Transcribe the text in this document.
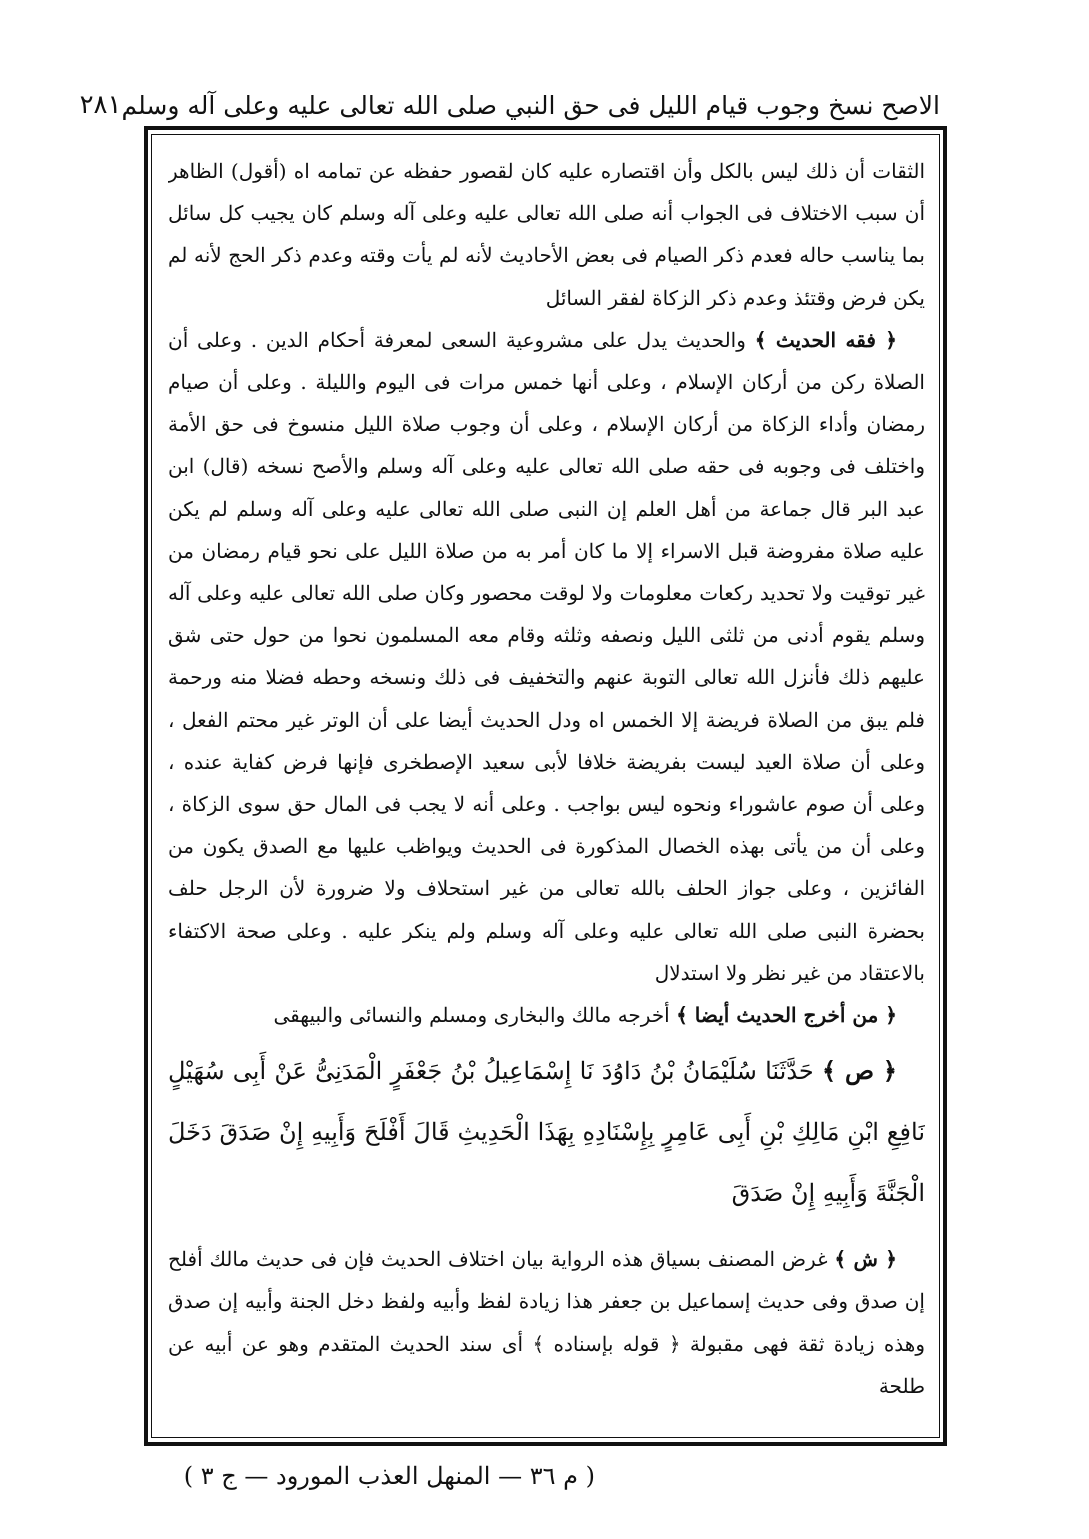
الاصح نسخ وجوب قيام الليل فى حق النبي صلى الله تعالى عليه وعلى آله وسلم
٢٨١

الثقات أن ذلك ليس بالكل وأن اقتصاره عليه كان لقصور حفظه عن تمامه اه (أقول) الظاهر أن سبب الاختلاف فى الجواب أنه صلى الله تعالى عليه وعلى آله وسلم كان يجيب كل سائل بما يناسب حاله فعدم ذكر الصيام فى بعض الأحاديث لأنه لم يأت وقته وعدم ذكر الحج لأنه لم يكن فرض وقتئذ وعدم ذكر الزكاة لفقر السائل

﴿ فقه الحديث ﴾ والحديث يدل على مشروعية السعى لمعرفة أحكام الدين . وعلى أن الصلاة ركن من أركان الإسلام ، وعلى أنها خمس مرات فى اليوم والليلة . وعلى أن صيام رمضان وأداء الزكاة من أركان الإسلام ، وعلى أن وجوب صلاة الليل منسوخ فى حق الأمة واختلف فى وجوبه فى حقه صلى الله تعالى عليه وعلى آله وسلم والأصح نسخه (قال) ابن عبد البر قال جماعة من أهل العلم إن النبى صلى الله تعالى عليه وعلى آله وسلم لم يكن عليه صلاة مفروضة قبل الاسراء إلا ما كان أمر به من صلاة الليل على نحو قيام رمضان من غير توقيت ولا تحديد ركعات معلومات ولا لوقت محصور وكان صلى الله تعالى عليه وعلى آله وسلم يقوم أدنى من ثلثى الليل ونصفه وثلثه وقام معه المسلمون نحوا من حول حتى شق عليهم ذلك فأنزل الله تعالى التوبة عنهم والتخفيف فى ذلك ونسخه وحطه فضلا منه ورحمة فلم يبق من الصلاة فريضة إلا الخمس اه ودل الحديث أيضا على أن الوتر غير محتم الفعل ، وعلى أن صلاة العيد ليست بفريضة خلافا لأبى سعيد الإصطخرى فإنها فرض كفاية عنده ، وعلى أن صوم عاشوراء ونحوه ليس بواجب . وعلى أنه لا يجب فى المال حق سوى الزكاة ، وعلى أن من يأتى بهذه الخصال المذكورة فى الحديث ويواظب عليها مع الصدق يكون من الفائزين ، وعلى جواز الحلف بالله تعالى من غير استحلاف ولا ضرورة لأن الرجل حلف بحضرة النبى صلى الله تعالى عليه وعلى آله وسلم ولم ينكر عليه . وعلى صحة الاكتفاء بالاعتقاد من غير نظر ولا استدلال

﴿ من أخرج الحديث أيضا ﴾ أخرجه مالك والبخارى ومسلم والنسائى والبيهقى

﴿ ص ﴾ حَدَّثَنَا سُلَيْمَانُ بْنُ دَاوُدَ نَا إِسْمَاعِيلُ بْنُ جَعْفَرٍ الْمَدَنِىُّ عَنْ أَبِى سُهَيْلٍ نَافِعِ ابْنِ مَالِكِ بْنِ أَبِى عَامِرٍ بِإِسْنَادِهِ بِهَذَا الْحَدِيثِ قَالَ أَفْلَحَ وَأَبِيهِ إِنْ صَدَقَ دَخَلَ الْجَنَّةَ وَأَبِيهِ إِنْ صَدَقَ

﴿ ش ﴾ غرض المصنف بسياق هذه الرواية بيان اختلاف الحديث فإن فى حديث مالك أفلح إن صدق وفى حديث إسماعيل بن جعفر هذا زيادة لفظ وأبيه ولفظ دخل الجنة وأبيه إن صدق وهذه زيادة ثقة فهى مقبولة ﴿ قوله بإسناده ﴾ أى سند الحديث المتقدم وهو عن أبيه عن طلحة

( م ٣٦ — المنهل العذب المورود — ج ٣ )
